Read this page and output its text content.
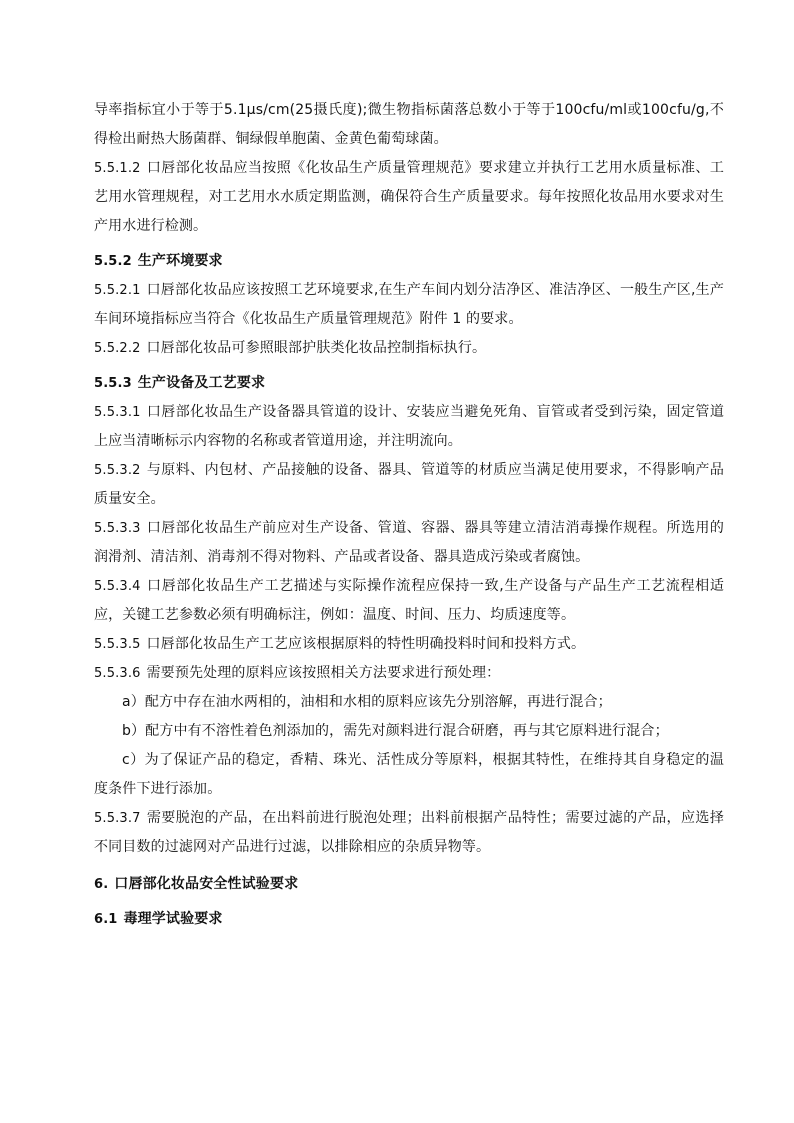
导率指标宜小于等于5.1μs/cm(25摄氏度);微生物指标菌落总数小于等于100cfu/ml或100cfu/g,不得检出耐热大肠菌群、铜绿假单胞菌、金黄色葡萄球菌。

5.5.1.2 口唇部化妆品应当按照《化妆品生产质量管理规范》要求建立并执行工艺用水质量标准、工艺用水管理规程，对工艺用水水质定期监测，确保符合生产质量要求。每年按照化妆品用水要求对生产用水进行检测。

5.5.2 生产环境要求

5.5.2.1 口唇部化妆品应该按照工艺环境要求,在生产车间内划分洁净区、准洁净区、一般生产区,生产车间环境指标应当符合《化妆品生产质量管理规范》附件 1 的要求。

5.5.2.2 口唇部化妆品可参照眼部护肤类化妆品控制指标执行。

5.5.3 生产设备及工艺要求

5.5.3.1 口唇部化妆品生产设备器具管道的设计、安装应当避免死角、盲管或者受到污染，固定管道上应当清晰标示内容物的名称或者管道用途，并注明流向。

5.5.3.2 与原料、内包材、产品接触的设备、器具、管道等的材质应当满足使用要求，不得影响产品质量安全。

5.5.3.3 口唇部化妆品生产前应对生产设备、管道、容器、器具等建立清洁消毒操作规程。所选用的润滑剂、清洁剂、消毒剂不得对物料、产品或者设备、器具造成污染或者腐蚀。

5.5.3.4 口唇部化妆品生产工艺描述与实际操作流程应保持一致,生产设备与产品生产工艺流程相适应，关键工艺参数必须有明确标注，例如：温度、时间、压力、均质速度等。

5.5.3.5 口唇部化妆品生产工艺应该根据原料的特性明确投料时间和投料方式。

5.5.3.6 需要预先处理的原料应该按照相关方法要求进行预处理：

a）配方中存在油水两相的，油相和水相的原料应该先分别溶解，再进行混合；

b）配方中有不溶性着色剂添加的，需先对颜料进行混合研磨，再与其它原料进行混合；

c）为了保证产品的稳定，香精、珠光、活性成分等原料，根据其特性，在维持其自身稳定的温度条件下进行添加。

5.5.3.7 需要脱泡的产品，在出料前进行脱泡处理；出料前根据产品特性；需要过滤的产品，应选择不同目数的过滤网对产品进行过滤，以排除相应的杂质异物等。

6. 口唇部化妆品安全性试验要求

6.1 毒理学试验要求
